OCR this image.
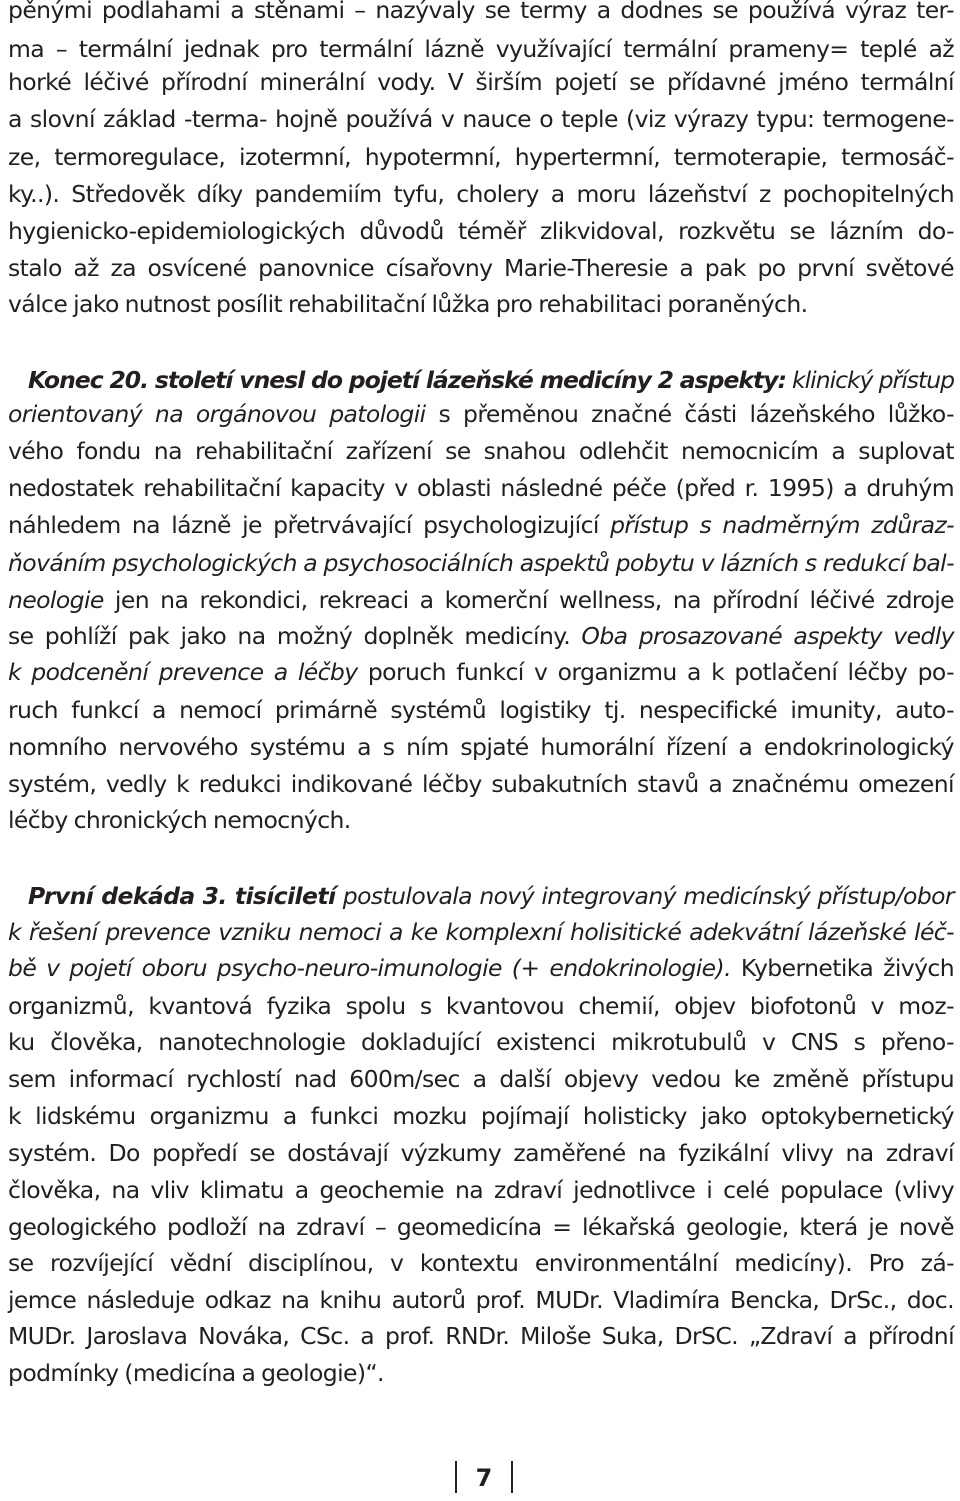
pěnými podlahami a stěnami – nazývaly se termy a dodnes se používá výraz ter-
ma – termální jednak pro termální lázně využívající termální prameny= teplé až
horké léčivé přírodní minerální vody. V širším pojetí se přídavné jméno termální
a slovní základ -terma- hojně používá v nauce o teple (viz výrazy typu: termogene-
ze, termoregulace, izotermní, hypotermní, hypertermní, termoterapie, termosáč-
ky..). Středověk díky pandemiím tyfu, cholery a moru lázeňství z pochopitelných
hygienicko-epidemiologických důvodů téměř zlikvidoval, rozkvětu se lázním do-
stalo až za osvícené panovnice císařovny Marie-Theresie a pak po první světové
válce jako nutnost posílit rehabilitační lůžka pro rehabilitaci poraněných.
Konec 20. století vnesl do pojetí lázeňské medicíny 2 aspekty: klinický přístup
orientovaný na orgánovou patologii s přeměnou značné části lázeňského lůžko-
vého fondu na rehabilitační zařízení se snahou odlehčit nemocnicím a suplovat
nedostatek rehabilitační kapacity v oblasti následné péče (před r. 1995) a druhým
náhledem na lázně je přetrvávající psychologizující přístup s nadměrným zdůraz-
ňováním psychologických a psychosociálních aspektů pobytu v lázních s redukcí bal-
neologie jen na rekondici, rekreaci a komerční wellness, na přírodní léčivé zdroje
se pohlíží pak jako na možný doplněk medicíny. Oba prosazované aspekty vedly
k podcenění prevence a léčby poruch funkcí v organizmu a k potlačení léčby po-
ruch funkcí a nemocí primárně systémů logistiky tj. nespecifické imunity, auto-
nomního nervového systému a s ním spjaté humorální řízení a endokrinologický
systém, vedly k redukci indikované léčby subakutních stavů a značnému omezení
léčby chronických nemocných.
První dekáda 3. tisíciletí postulovala nový integrovaný medicínský přístup/obor
k řešení prevence vzniku nemoci a ke komplexní holisitické adekvátní lázeňské léč-
bě v pojetí oboru psycho-neuro-imunologie (+ endokrinologie). Kybernetika živých
organizmů, kvantová fyzika spolu s kvantovou chemií, objev biofotonů v moz-
ku člověka, nanotechnologie dokladující existenci mikrotubulů v CNS s přeno-
sem informací rychlostí nad 600m/sec a další objevy vedou ke změně přístupu
k lidskému organizmu a funkci mozku pojímají holisticky jako optokybernetický
systém. Do popředí se dostávají výzkumy zaměřené na fyzikální vlivy na zdraví
člověka, na vliv klimatu a geochemie na zdraví jednotlivce i celé populace (vlivy
geologického podloží na zdraví – geomedicína = lékařská geologie, která je nově
se rozvíjející vědní disciplínou, v kontextu environmentální medicíny). Pro zá-
jemce následuje odkaz na knihu autorů prof. MUDr. Vladimíra Bencka, DrSc., doc.
MUDr. Jaroslava Nováka, CSc. a prof. RNDr. Miloše Suka, DrSC. „Zdraví a přírodní
podmínky (medicína a geologie)“.
7
